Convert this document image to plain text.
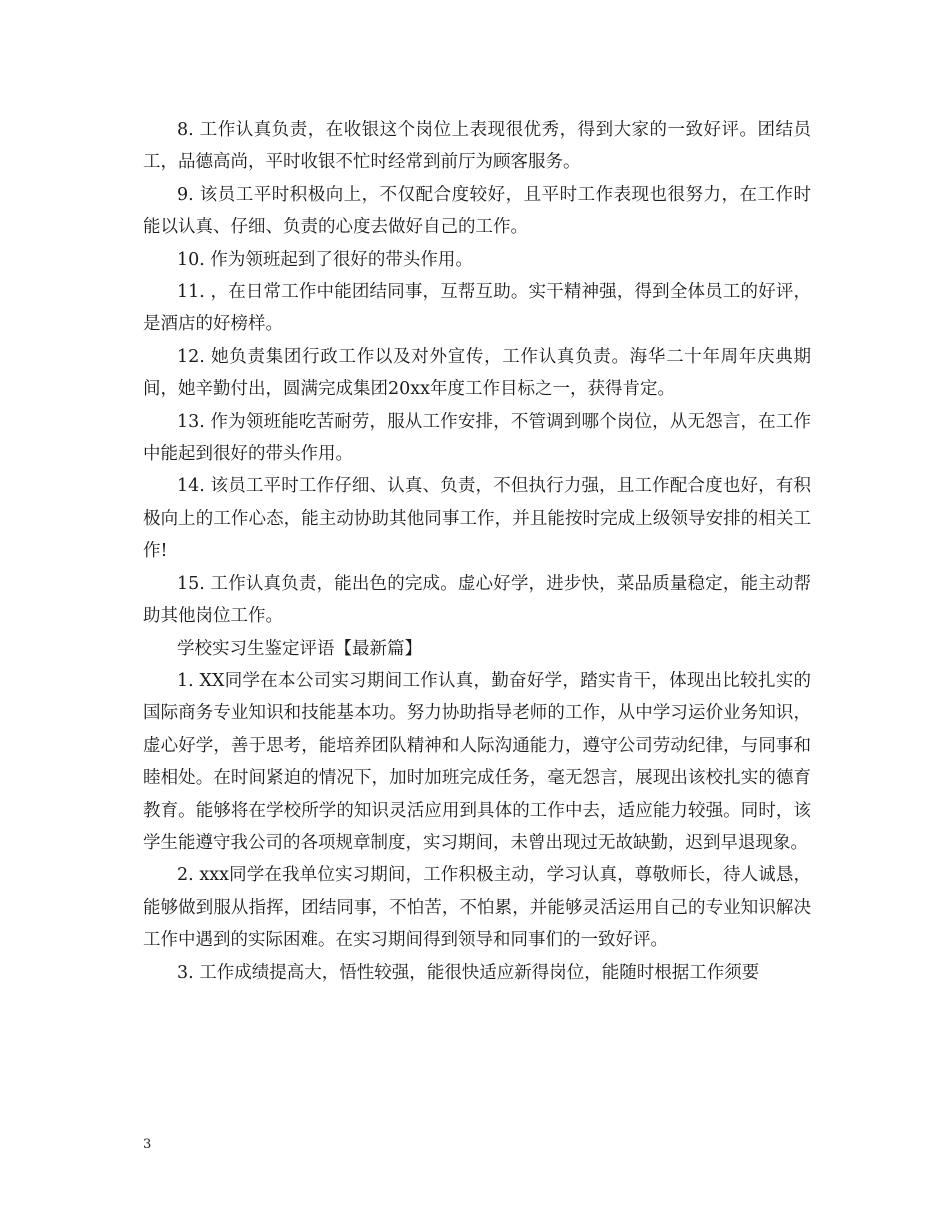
8. 工作认真负责，在收银这个岗位上表现很优秀，得到大家的一致好评。团结员工，品德高尚，平时收银不忙时经常到前厅为顾客服务。

9. 该员工平时积极向上，不仅配合度较好，且平时工作表现也很努力，在工作时能以认真、仔细、负责的心度去做好自己的工作。

10. 作为领班起到了很好的带头作用。

11. ，在日常工作中能团结同事，互帮互助。实干精神强，得到全体员工的好评，是酒店的好榜样。

12. 她负责集团行政工作以及对外宣传，工作认真负责。海华二十年周年庆典期间，她辛勤付出，圆满完成集团20xx年度工作目标之一，获得肯定。

13. 作为领班能吃苦耐劳，服从工作安排，不管调到哪个岗位，从无怨言，在工作中能起到很好的带头作用。

14. 该员工平时工作仔细、认真、负责，不但执行力强，且工作配合度也好，有积极向上的工作心态，能主动协助其他同事工作，并且能按时完成上级领导安排的相关工作!

15. 工作认真负责，能出色的完成。虚心好学，进步快，菜品质量稳定，能主动帮助其他岗位工作。

学校实习生鉴定评语【最新篇】

1. XX同学在本公司实习期间工作认真，勤奋好学，踏实肯干，体现出比较扎实的国际商务专业知识和技能基本功。努力协助指导老师的工作，从中学习运价业务知识，虚心好学，善于思考，能培养团队精神和人际沟通能力，遵守公司劳动纪律，与同事和睦相处。在时间紧迫的情况下，加时加班完成任务，毫无怨言，展现出该校扎实的德育教育。能够将在学校所学的知识灵活应用到具体的工作中去，适应能力较强。同时，该学生能遵守我公司的各项规章制度，实习期间，未曾出现过无故缺勤，迟到早退现象。

2. xxx同学在我单位实习期间，工作积极主动，学习认真，尊敬师长，待人诚恳，能够做到服从指挥，团结同事，不怕苦，不怕累，并能够灵活运用自己的专业知识解决工作中遇到的实际困难。在实习期间得到领导和同事们的一致好评。

3. 工作成绩提高大，悟性较强，能很快适应新得岗位，能随时根据工作须要

3
